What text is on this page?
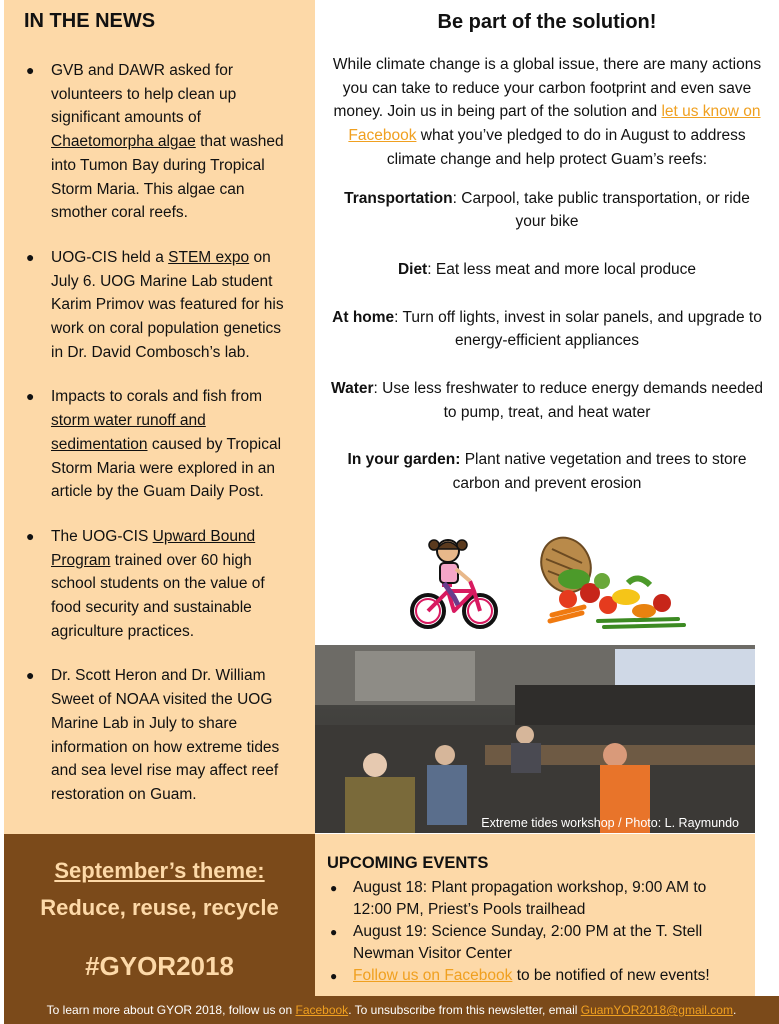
IN THE NEWS
● GVB and DAWR asked for volunteers to help clean up significant amounts of Chaetomorpha algae that washed into Tumon Bay during Tropical Storm Maria. This algae can smother coral reefs.
● UOG-CIS held a STEM expo on July 6. UOG Marine Lab student Karim Primov was featured for his work on coral population genetics in Dr. David Combosch’s lab.
● Impacts to corals and fish from storm water runoff and sedimentation caused by Tropical Storm Maria were explored in an article by the Guam Daily Post.
● The UOG-CIS Upward Bound Program trained over 60 high school students on the value of food security and sustainable agriculture practices.
● Dr. Scott Heron and Dr. William Sweet of NOAA visited the UOG Marine Lab in July to share information on how extreme tides and sea level rise may affect reef restoration on Guam.
Be part of the solution!

While climate change is a global issue, there are many actions you can take to reduce your carbon footprint and even save money. Join us in being part of the solution and let us know on Facebook what you’ve pledged to do in August to address climate change and help protect Guam’s reefs:

Transportation: Carpool, take public transportation, or ride your bike

Diet: Eat less meat and more local produce

At home: Turn off lights, invest in solar panels, and upgrade to energy-efficient appliances

Water: Use less freshwater to reduce energy demands needed to pump, treat, and heat water

In your garden: Plant native vegetation and trees to store carbon and prevent erosion

Extreme tides workshop / Photo: L. Raymundo
September’s theme:
Reduce, reuse, recycle
#GYOR2018
UPCOMING EVENTS
● August 18: Plant propagation workshop, 9:00 AM to 12:00 PM, Priest’s Pools trailhead
● August 19: Science Sunday, 2:00 PM at the T. Stell Newman Visitor Center
● Follow us on Facebook to be notified of new events!
To learn more about GYOR 2018, follow us on Facebook. To unsubscribe from this newsletter, email GuamYOR2018@gmail.com.
